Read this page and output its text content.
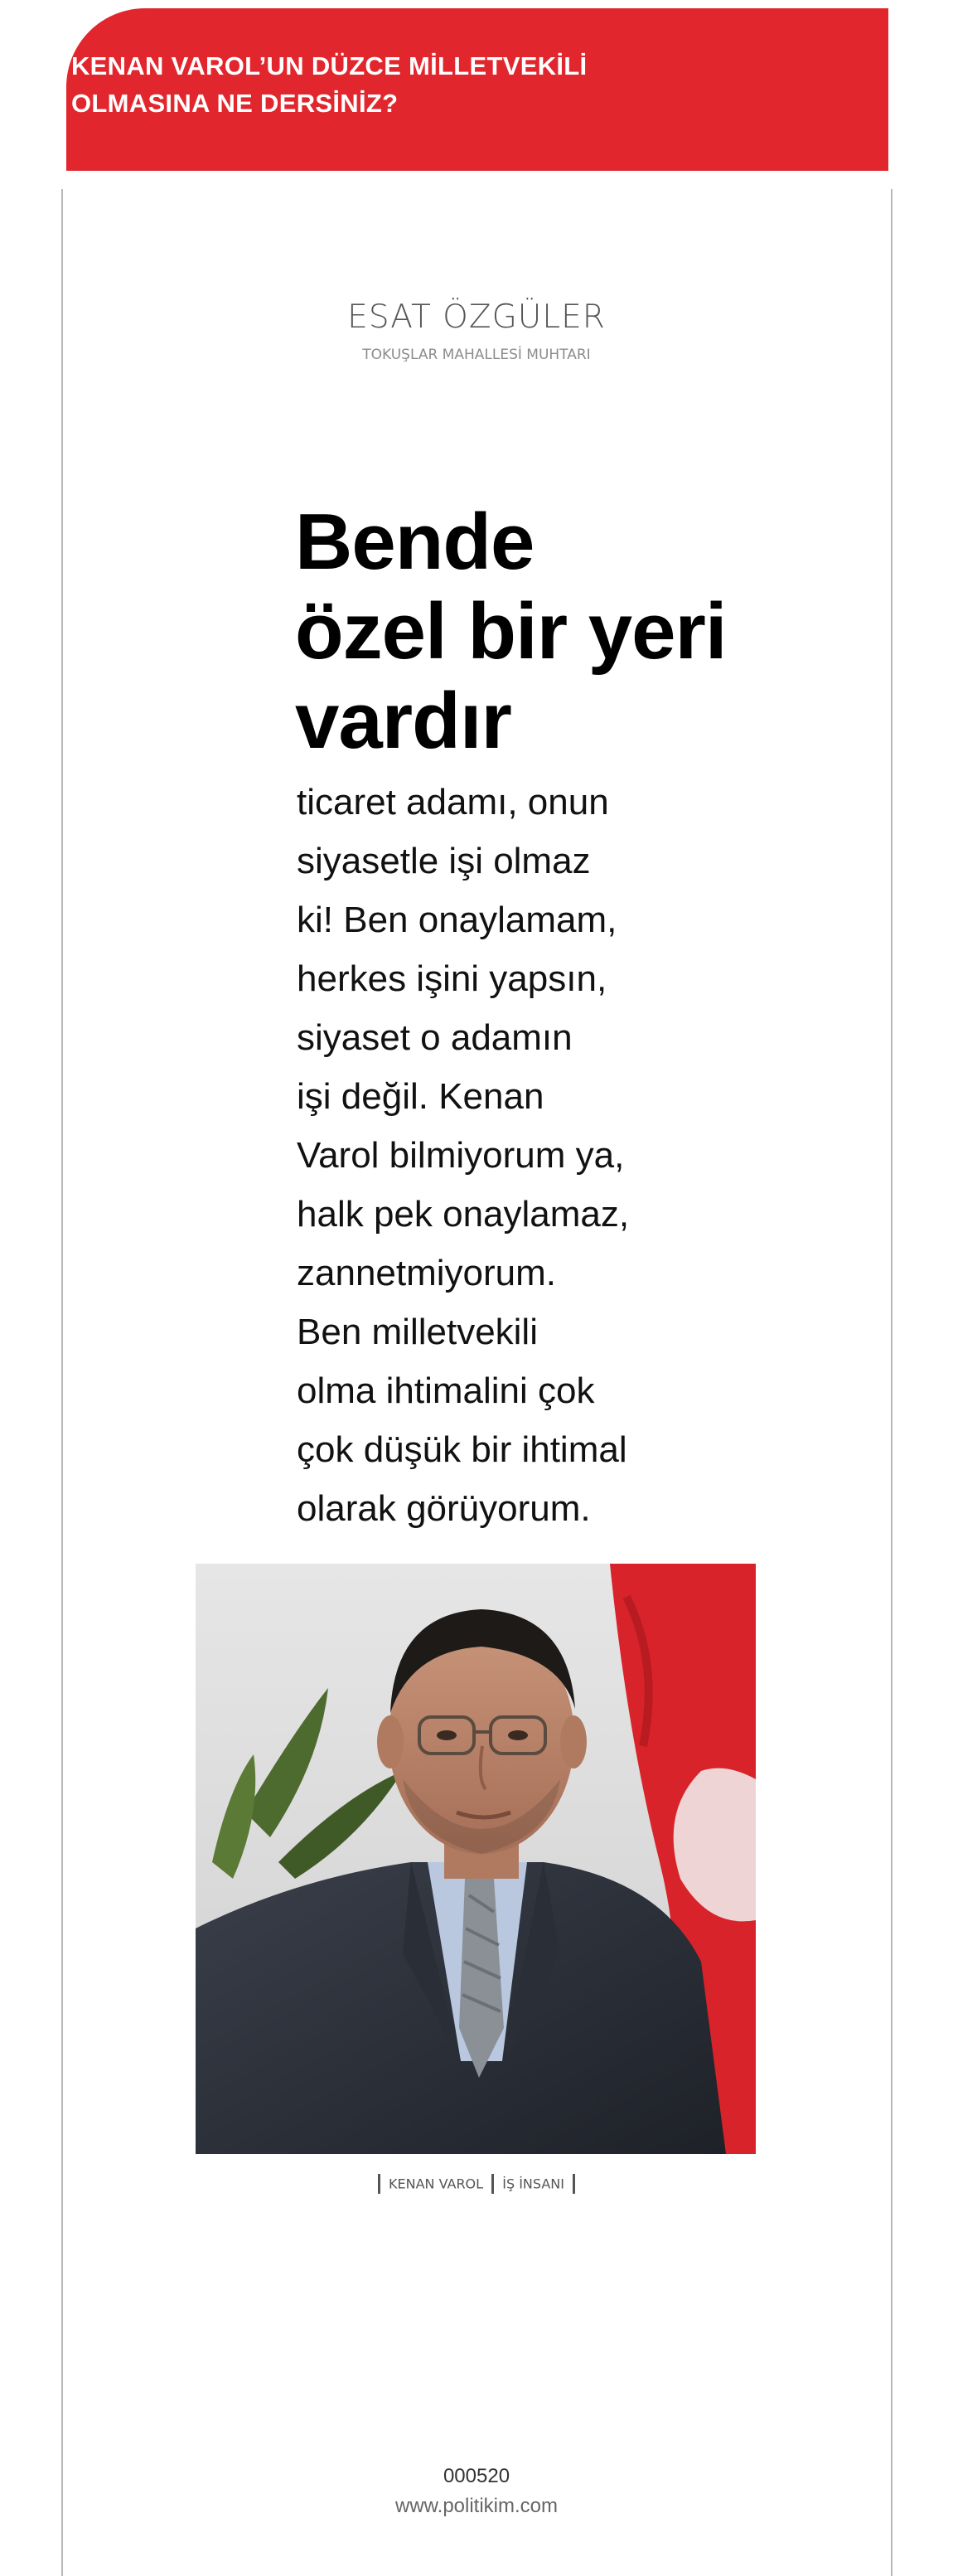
KENAN VAROL’UN DÜZCE MİLLETVEKİLİ
OLMASINA NE DERSİNİZ?
ESAT ÖZGÜLER
TOKUŞLAR MAHALLESİ MUHTARI
Bende
özel bir yeri
vardır
ticaret adamı, onun
siyasetle işi olmaz
ki! Ben onaylamam,
herkes işini yapsın,
siyaset o adamın
işi değil. Kenan
Varol bilmiyorum ya,
halk pek onaylamaz,
zannetmiyorum.
Ben milletvekili
olma ihtimalini çok
çok düşük bir ihtimal
olarak görüyorum.
KENAN VAROL İŞ İNSANI
000520
www.politikim.com
